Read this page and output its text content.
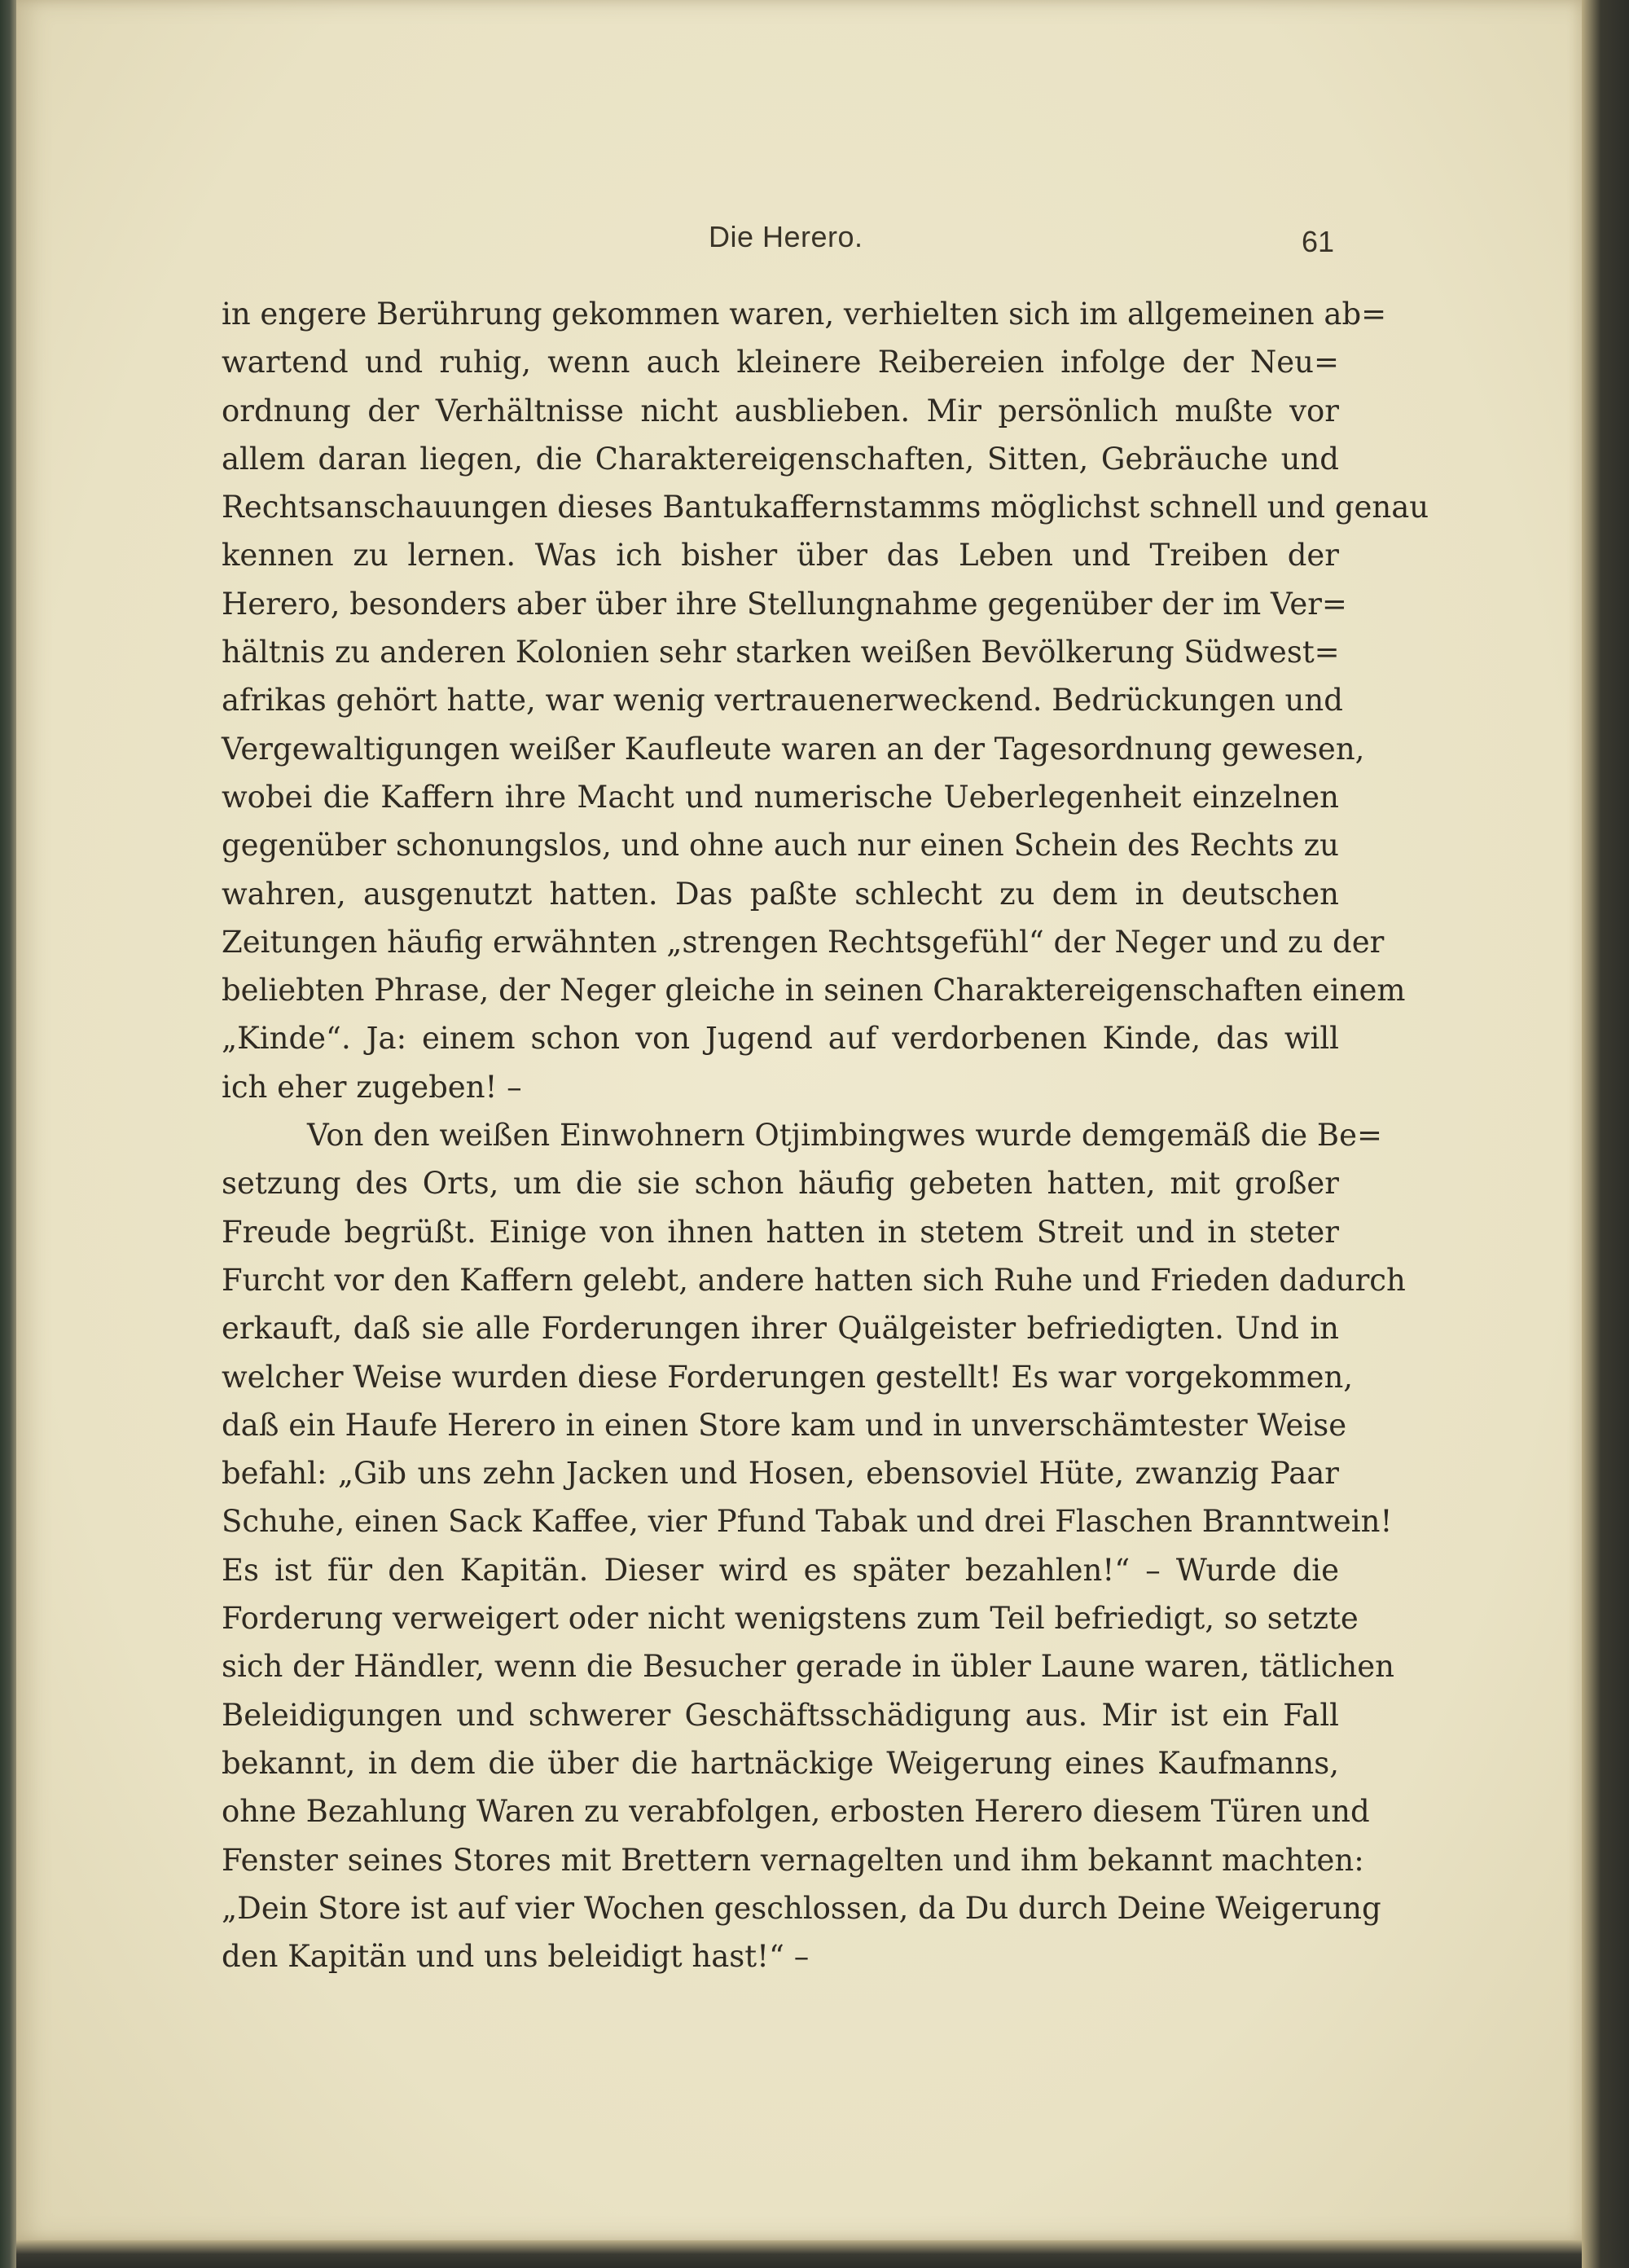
Die Herero.	61
in engere Berührung gekommen waren, verhielten sich im allgemeinen ab=
wartend und ruhig, wenn auch kleinere Reibereien infolge der Neu=
ordnung der Verhältnisse nicht ausblieben. Mir persönlich mußte vor
allem daran liegen, die Charaktereigenschaften, Sitten, Gebräuche und
Rechtsanschauungen dieses Bantukaffernstamms möglichst schnell und genau
kennen zu lernen. Was ich bisher über das Leben und Treiben der
Herero, besonders aber über ihre Stellungnahme gegenüber der im Ver=
hältnis zu anderen Kolonien sehr starken weißen Bevölkerung Südwest=
afrikas gehört hatte, war wenig vertrauenerweckend. Bedrückungen und
Vergewaltigungen weißer Kaufleute waren an der Tagesordnung gewesen,
wobei die Kaffern ihre Macht und numerische Ueberlegenheit einzelnen
gegenüber schonungslos, und ohne auch nur einen Schein des Rechts zu
wahren, ausgenutzt hatten. Das paßte schlecht zu dem in deutschen
Zeitungen häufig erwähnten „strengen Rechtsgefühl“ der Neger und zu der
beliebten Phrase, der Neger gleiche in seinen Charaktereigenschaften einem
„Kinde“. Ja: einem schon von Jugend auf verdorbenen Kinde, das will
ich eher zugeben! –
Von den weißen Einwohnern Otjimbingwes wurde demgemäß die Be=
setzung des Orts, um die sie schon häufig gebeten hatten, mit großer
Freude begrüßt. Einige von ihnen hatten in stetem Streit und in steter
Furcht vor den Kaffern gelebt, andere hatten sich Ruhe und Frieden dadurch
erkauft, daß sie alle Forderungen ihrer Quälgeister befriedigten. Und in
welcher Weise wurden diese Forderungen gestellt! Es war vorgekommen,
daß ein Haufe Herero in einen Store kam und in unverschämtester Weise
befahl: „Gib uns zehn Jacken und Hosen, ebensoviel Hüte, zwanzig Paar
Schuhe, einen Sack Kaffee, vier Pfund Tabak und drei Flaschen Branntwein!
Es ist für den Kapitän. Dieser wird es später bezahlen!“ – Wurde die
Forderung verweigert oder nicht wenigstens zum Teil befriedigt, so setzte
sich der Händler, wenn die Besucher gerade in übler Laune waren, tätlichen
Beleidigungen und schwerer Geschäftsschädigung aus. Mir ist ein Fall
bekannt, in dem die über die hartnäckige Weigerung eines Kaufmanns,
ohne Bezahlung Waren zu verabfolgen, erbosten Herero diesem Türen und
Fenster seines Stores mit Brettern vernagelten und ihm bekannt machten:
„Dein Store ist auf vier Wochen geschlossen, da Du durch Deine Weigerung
den Kapitän und uns beleidigt hast!“ –
